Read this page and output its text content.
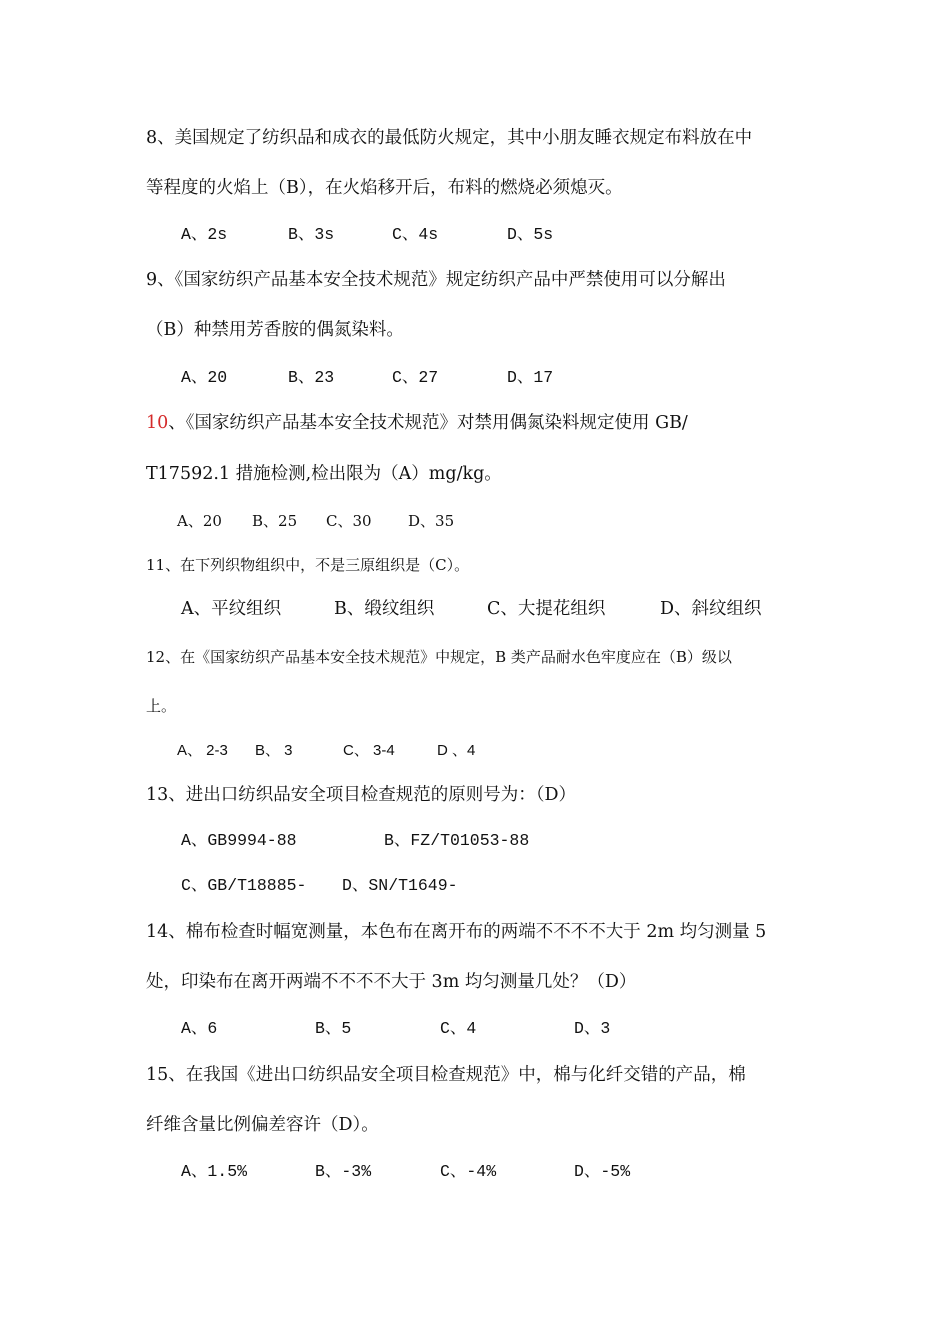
8、美国规定了纺织品和成衣的最低防火规定，其中小朋友睡衣规定布料放在中
等程度的火焰上（B），在火焰移开后，布料的燃烧必须熄灭。
A、2s	B、3s	C、4s	D、5s
9、《国家纺织产品基本安全技术规范》规定纺织产品中严禁使用可以分解出
（B）种禁用芳香胺的偶氮染料。
A、20	B、23	C、27	D、17
10、《国家纺织产品基本安全技术规范》对禁用偶氮染料规定使用 GB/
T17592.1 措施检测,检出限为（A）mg/kg。
A、20 B、25 C、30 D、35
11、在下列织物组织中，不是三原组织是（C）。
A、平纹组织	B、缎纹组织	C、大提花组织	D、斜纹组织
12、在《国家纺织产品基本安全技术规范》中规定，B 类产品耐水色牢度应在（B）级以
上。
A、 2-3 B、 3	C、 3-4	D 、4
13、进出口纺织品安全项目检查规范的原则号为：（D）
A、GB9994-88	B、FZ/T01053-88
C、GB/T18885- D、SN/T1649-
14、棉布检查时幅宽测量，本色布在离开布的两端不不不不大于 2m 均匀测量 5
处，印染布在离开两端不不不不大于 3m 均匀测量几处？（D）
A、6	B、5	C、4	D、3
15、在我国《进出口纺织品安全项目检查规范》中，棉与化纤交错的产品，棉
纤维含量比例偏差容许（D）。
A、1.5%	B、-3%	C、-4%	D、-5%
